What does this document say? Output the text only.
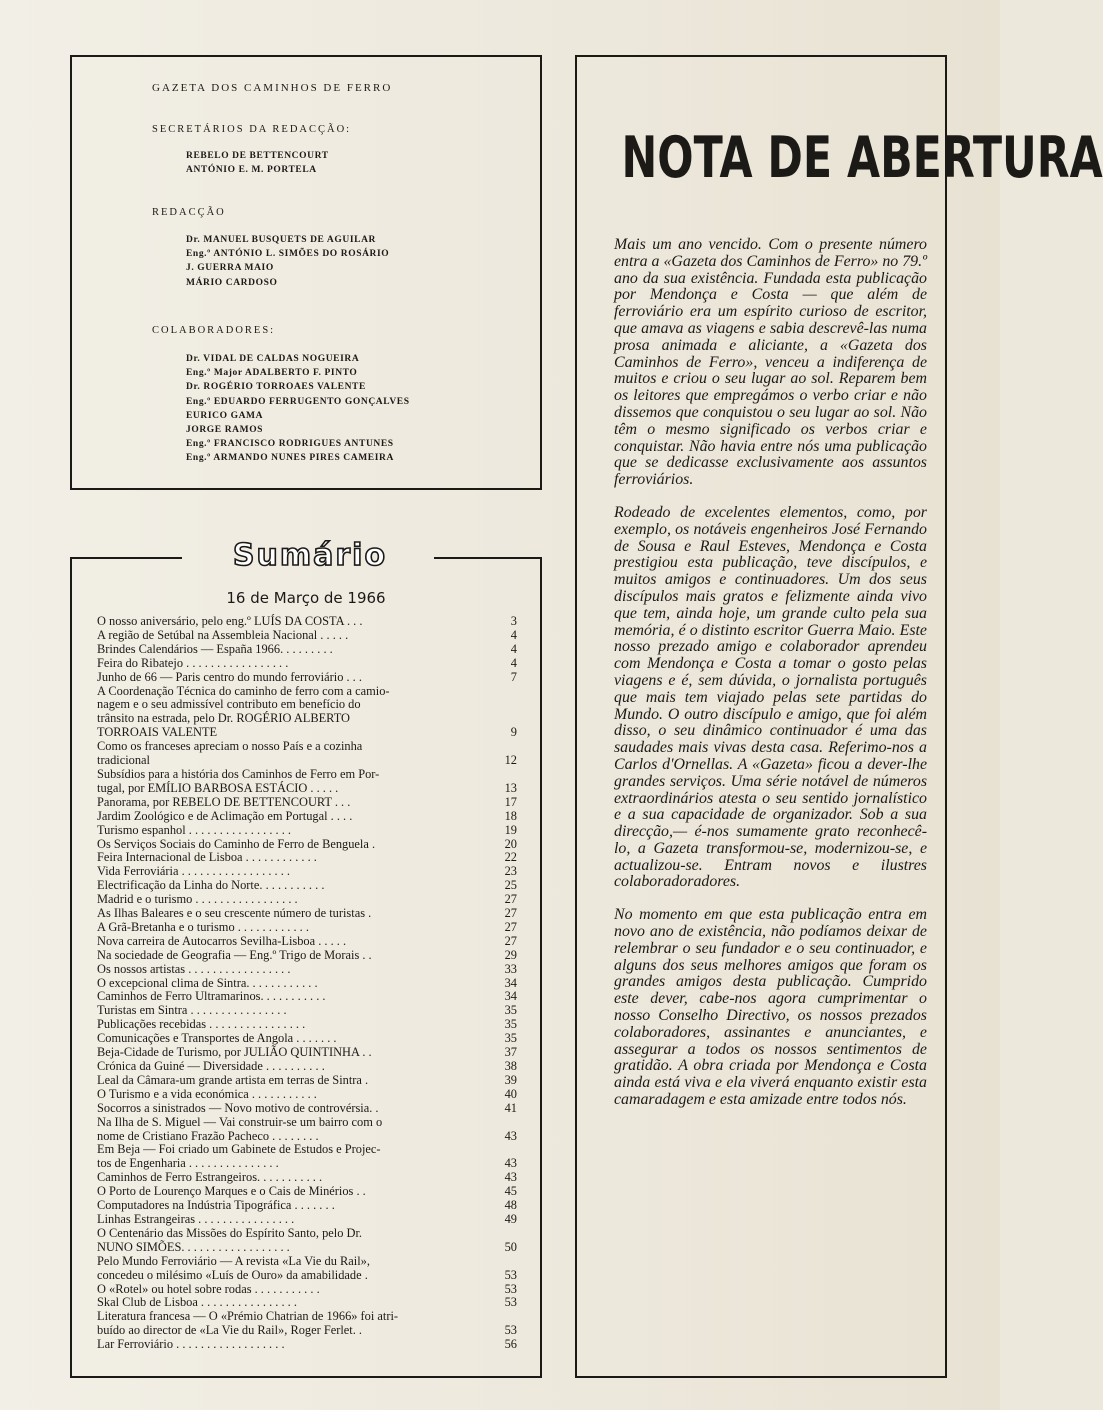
GAZETA DOS CAMINHOS DE FERRO
SECRETÁRIOS DA REDACÇÃO:
REBELO DE BETTENCOURT
ANTÓNIO E. M. PORTELA
REDACÇÃO
Dr. MANUEL BUSQUETS DE AGUILAR
Eng.º ANTÓNIO L. SIMÕES DO ROSÁRIO
J. GUERRA MAIO
MÁRIO CARDOSO
COLABORADORES:
Dr. VIDAL DE CALDAS NOGUEIRA
Eng.º Major ADALBERTO F. PINTO
Dr. ROGÉRIO TORROAES VALENTE
Eng.º EDUARDO FERRUGENTO GONÇALVES
EURICO GAMA
JORGE RAMOS
Eng.º FRANCISCO RODRIGUES ANTUNES
Eng.º ARMANDO NUNES PIRES CAMEIRA
Sumário
16 de Março de 1966
O nosso aniversário, pelo eng.º LUÍS DA COSTA . . .	3
A região de Setúbal na Assembleia Nacional . . . . .	4
Brindes Calendários — España 1966. . . . . . . . .	4
Feira do Ribatejo . . . . . . . . . . . . . . . . .	4
Junho de 66 — Paris centro do mundo ferroviário . . .	7
A Coordenação Técnica do caminho de ferro com a camio-
nagem e o seu admissível contributo em benefício do
trânsito na estrada, pelo Dr. ROGÉRIO ALBERTO
TORROAIS VALENTE	9
Como os franceses apreciam o nosso País e a cozinha
tradicional	12
Subsídios para a história dos Caminhos de Ferro em Por-
tugal, por EMÍLIO BARBOSA ESTÁCIO . . . . .	13
Panorama, por REBELO DE BETTENCOURT . . .	17
Jardim Zoológico e de Aclimação em Portugal . . . .	18
Turismo espanhol . . . . . . . . . . . . . . . . .	19
Os Serviços Sociais do Caminho de Ferro de Benguela .	20
Feira Internacional de Lisboa . . . . . . . . . . . .	22
Vida Ferroviária . . . . . . . . . . . . . . . . . .	23
Electrificação da Linha do Norte. . . . . . . . . . .	25
Madrid e o turismo . . . . . . . . . . . . . . . . .	27
As Ilhas Baleares e o seu crescente número de turistas .	27
A Grã-Bretanha e o turismo . . . . . . . . . . . .	27
Nova carreira de Autocarros Sevilha-Lisboa . . . . .	27
Na sociedade de Geografia — Eng.º Trigo de Morais . .	29
Os nossos artistas . . . . . . . . . . . . . . . . .	33
O excepcional clima de Sintra. . . . . . . . . . . .	34
Caminhos de Ferro Ultramarinos. . . . . . . . . . .	34
Turistas em Sintra . . . . . . . . . . . . . . . .	35
Publicações recebidas . . . . . . . . . . . . . . . .	35
Comunicações e Transportes de Angola . . . . . . .	35
Beja-Cidade de Turismo, por JULIÃO QUINTINHA . .	37
Crónica da Guiné — Diversidade . . . . . . . . . .	38
Leal da Câmara-um grande artista em terras de Sintra .	39
O Turismo e a vida económica . . . . . . . . . . .	40
Socorros a sinistrados — Novo motivo de controvérsia. .	41
Na Ilha de S. Miguel — Vai construir-se um bairro com o
nome de Cristiano Frazão Pacheco . . . . . . . .	43
Em Beja — Foi criado um Gabinete de Estudos e Projec-
tos de Engenharia . . . . . . . . . . . . . . .	43
Caminhos de Ferro Estrangeiros. . . . . . . . . . .	43
O Porto de Lourenço Marques e o Cais de Minérios . .	45
Computadores na Indústria Tipográfica . . . . . . .	48
Linhas Estrangeiras . . . . . . . . . . . . . . . .	49
O Centenário das Missões do Espírito Santo, pelo Dr.
NUNO SIMÕES. . . . . . . . . . . . . . . . . .	50
Pelo Mundo Ferroviário — A revista «La Vie du Rail»,
concedeu o milésimo «Luís de Ouro» da amabilidade .	53
O «Rotel» ou hotel sobre rodas . . . . . . . . . . .	53
Skal Club de Lisboa . . . . . . . . . . . . . . . .	53
Literatura francesa — O «Prémio Chatrian de 1966» foi atri-
buído ao director de «La Vie du Rail», Roger Ferlet. .	53
Lar Ferroviário . . . . . . . . . . . . . . . . . .	56

NOTA DE ABERTURA

Mais um ano vencido. Com o presente número entra a «Gazeta dos Caminhos de Ferro» no 79.º ano da sua existência. Fundada esta publicação por Mendonça e Costa — que além de ferroviário era um espírito curioso de escritor, que amava as viagens e sabia descrevê-las numa prosa animada e aliciante, a «Gazeta dos Caminhos de Ferro», venceu a indiferença de muitos e criou o seu lugar ao sol. Reparem bem os leitores que empregámos o verbo criar e não dissemos que conquistou o seu lugar ao sol. Não têm o mesmo significado os verbos criar e conquistar. Não havia entre nós uma publicação que se dedicasse exclusivamente aos assuntos ferroviários.

Rodeado de excelentes elementos, como, por exemplo, os notáveis engenheiros José Fernando de Sousa e Raul Esteves, Mendonça e Costa prestigiou esta publicação, teve discípulos, e muitos amigos e continuadores. Um dos seus discípulos mais gratos e felizmente ainda vivo que tem, ainda hoje, um grande culto pela sua memória, é o distinto escritor Guerra Maio. Este nosso prezado amigo e colaborador aprendeu com Mendonça e Costa a tomar o gosto pelas viagens e é, sem dúvida, o jornalista português que mais tem viajado pelas sete partidas do Mundo. O outro discípulo e amigo, que foi além disso, o seu dinâmico continuador é uma das saudades mais vivas desta casa. Referimo-nos a Carlos d'Ornellas. A «Gazeta» ficou a dever-lhe grandes serviços. Uma série notável de números extraordinários atesta o seu sentido jornalístico e a sua capacidade de organizador. Sob a sua direcção,— é-nos sumamente grato reconhecê-lo, a Gazeta transformou-se, modernizou-se, e actualizou-se. Entram novos e ilustres colaboradoradores.

No momento em que esta publicação entra em novo ano de existência, não podíamos deixar de relembrar o seu fundador e o seu continuador, e alguns dos seus melhores amigos que foram os grandes amigos desta publicação. Cumprido este dever, cabe-nos agora cumprimentar o nosso Conselho Directivo, os nossos prezados colaboradores, assinantes e anunciantes, e assegurar a todos os nossos sentimentos de gratidão. A obra criada por Mendonça e Costa ainda está viva e ela viverá enquanto existir esta camaradagem e esta amizade entre todos nós.
